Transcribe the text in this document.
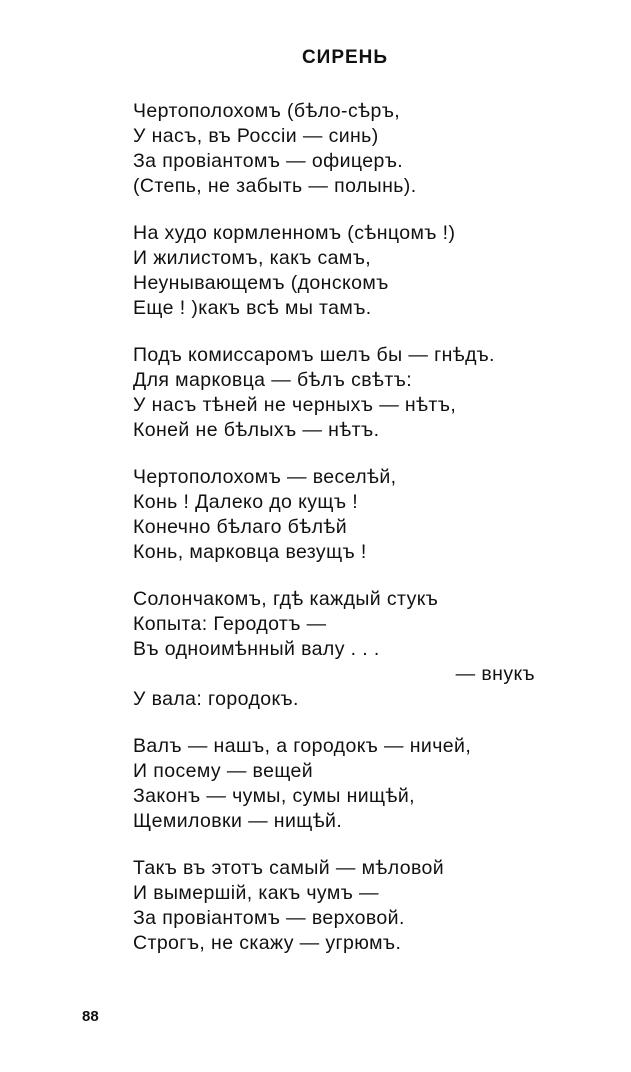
СИРЕНЬ
Чертополохомъ (бѣло-сѣръ,
У насъ, въ Россiи — синь)
За провiантомъ — офицеръ.
(Степь, не забыть — полынь).
На худо кормленномъ (сѣнцомъ !)
И жилистомъ, какъ самъ,
Неунывающемъ (донскомъ
Еще ! )какъ всѣ мы тамъ.
Подъ комиссаромъ шелъ бы — гнѣдъ.
Для марковца — бѣлъ свѣтъ:
У насъ тѣней не черныхъ — нѣтъ,
Коней не бѣлыхъ — нѣтъ.
Чертополохомъ — веселѣй,
Конь ! Далеко до кущъ !
Конечно бѣлаго бѣлѣй
Конь, марковца везущъ !
Солончакомъ, гдѣ каждый стукъ
Копыта: Геродотъ —
Въ одноимѣнный валу . . .
— внукъ
У вала: городокъ.
Валъ — нашъ, а городокъ — ничей,
И посему — вещей
Законъ — чумы, сумы нищѣй,
Щемиловки — нищѣй.
Такъ въ этотъ самый — мѣловой
И вымершiй, какъ чумъ —
За провiантомъ — верховой.
Строгъ, не скажу — угрюмъ.
88
